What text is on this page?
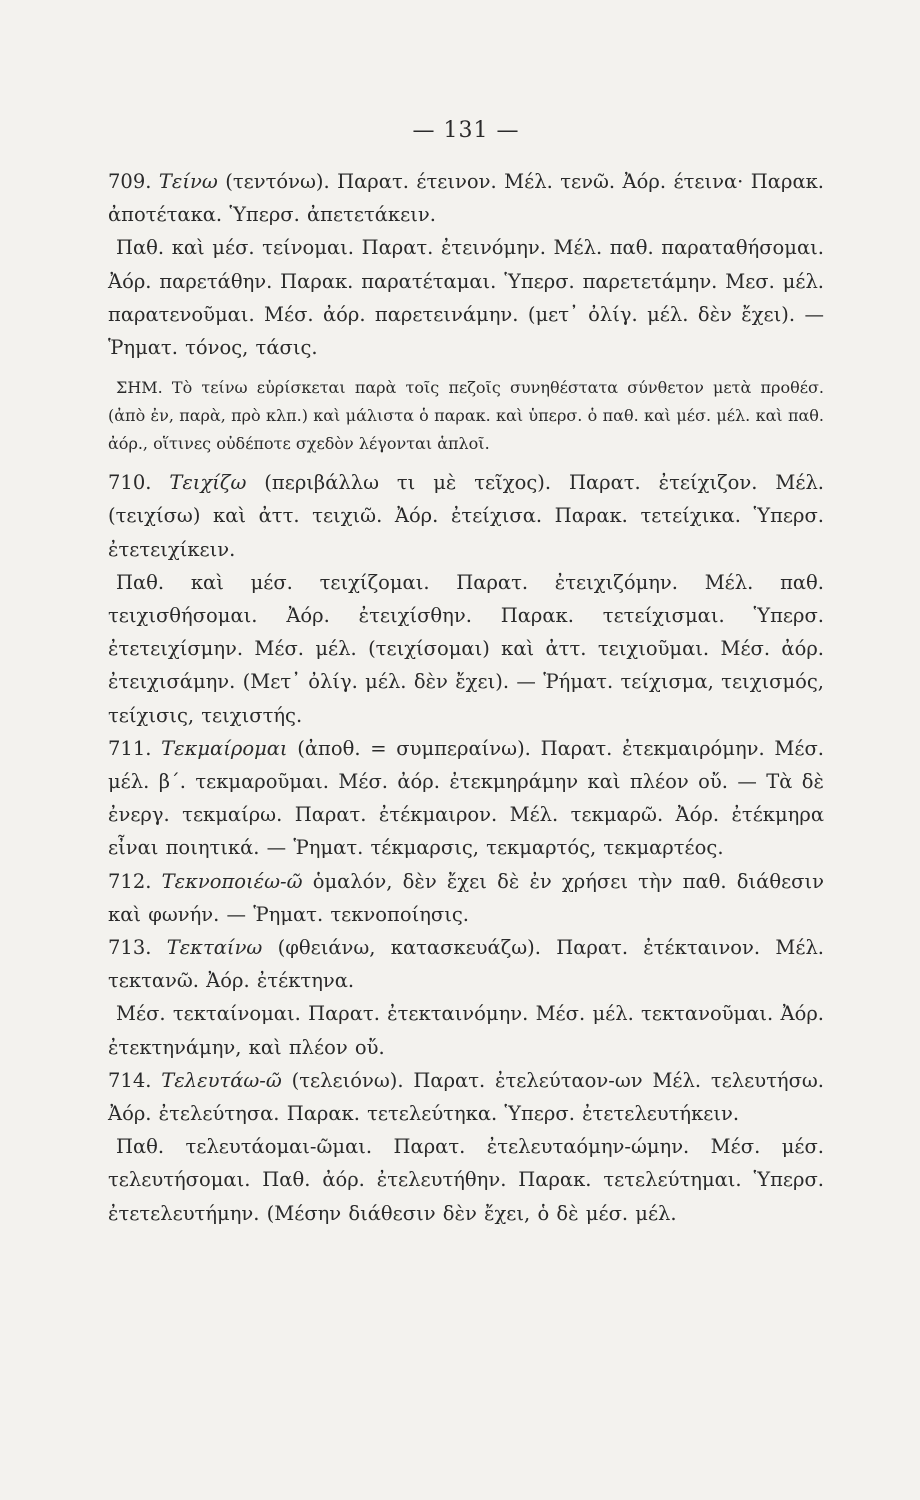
— 131 —

709. Τείνω (τεντόνω). Παρατ. έτεινον. Μέλ. τενῶ. Ἀόρ. έτεινα· Παρακ. ἀποτέτακα. Ὑπερσ. ἀπετετάκειν.

Παθ. καὶ μέσ. τείνομαι. Παρατ. ἐτεινόμην. Μέλ. παθ. παραταθήσομαι. Ἀόρ. παρετάθην. Παρακ. παρατέταμαι. Ὑπερσ. παρετετάμην. Μεσ. μέλ. παρατενοῦμαι. Μέσ. ἀόρ. παρετεινάμην. (μετ᾽ ὀλίγ. μέλ. δὲν ἔχει). — Ῥηματ. τόνος, τάσις.

ΣΗΜ. Τὸ τείνω εὑρίσκεται παρὰ τοῖς πεζοῖς συνηθέστατα σύνθετον μετὰ προθέσ. (ἀπὸ ἐν, παρὰ, πρὸ κλπ.) καὶ μάλιστα ὁ παρακ. καὶ ὑπερσ. ὁ παθ. καὶ μέσ. μέλ. καὶ παθ. ἀόρ., οἵτινες οὐδέποτε σχεδὸν λέγονται ἁπλοῖ.

710. Τειχίζω (περιβάλλω τι μὲ τεῖχος). Παρατ. ἐτείχιζον. Μέλ. (τειχίσω) καὶ ἀττ. τειχιῶ. Ἀόρ. ἐτείχισα. Παρακ. τετείχικα. Ὑπερσ. ἐτετειχίκειν.

Παθ. καὶ μέσ. τειχίζομαι. Παρατ. ἐτειχιζόμην. Μέλ. παθ. τειχισθήσομαι. Ἀόρ. ἐτειχίσθην. Παρακ. τετείχισμαι. Ὑπερσ. ἐτετειχίσμην. Μέσ. μέλ. (τειχίσομαι) καὶ ἀττ. τειχιοῦμαι. Μέσ. ἀόρ. ἐτειχισάμην. (Μετ᾽ ὀλίγ. μέλ. δὲν ἔχει). — Ῥήματ. τείχισμα, τειχισμός, τείχισις, τειχιστής.

711. Τεκμαίρομαι (ἀποθ. = συμπεραίνω). Παρατ. ἐτεκμαιρόμην. Μέσ. μέλ. β΄. τεκμαροῦμαι. Μέσ. ἀόρ. ἐτεκμηράμην καὶ πλέον οὔ. — Τὰ δὲ ἐνεργ. τεκμαίρω. Παρατ. ἐτέκμαιρον. Μέλ. τεκμαρῶ. Ἀόρ. ἐτέκμηρα εἶναι ποιητικά. — Ῥηματ. τέκμαρσις, τεκμαρτός, τεκμαρτέος.

712. Τεκνοποιέω-ῶ ὁμαλόν, δὲν ἔχει δὲ ἐν χρήσει τὴν παθ. διάθεσιν καὶ φωνήν. — Ῥηματ. τεκνοποίησις.

713. Τεκταίνω (φθειάνω, κατασκευάζω). Παρατ. ἐτέκταινον. Μέλ. τεκτανῶ. Ἀόρ. ἐτέκτηνα.

Μέσ. τεκταίνομαι. Παρατ. ἐτεκταινόμην. Μέσ. μέλ. τεκτανοῦμαι. Ἀόρ. ἐτεκτηνάμην, καὶ πλέον οὔ.

714. Τελευτάω-ῶ (τελειόνω). Παρατ. ἐτελεύταον-ων Μέλ. τελευτήσω. Ἀόρ. ἐτελεύτησα. Παρακ. τετελεύτηκα. Ὑπερσ. ἐτετελευτήκειν.

Παθ. τελευτάομαι-ῶμαι. Παρατ. ἐτελευταόμην-ώμην. Μέσ. μέσ. τελευτήσομαι. Παθ. ἀόρ. ἐτελευτήθην. Παρακ. τετελεύτημαι. Ὑπερσ. ἐτετελευτήμην. (Μέσην διάθεσιν δὲν ἔχει, ὁ δὲ μέσ. μέλ.
